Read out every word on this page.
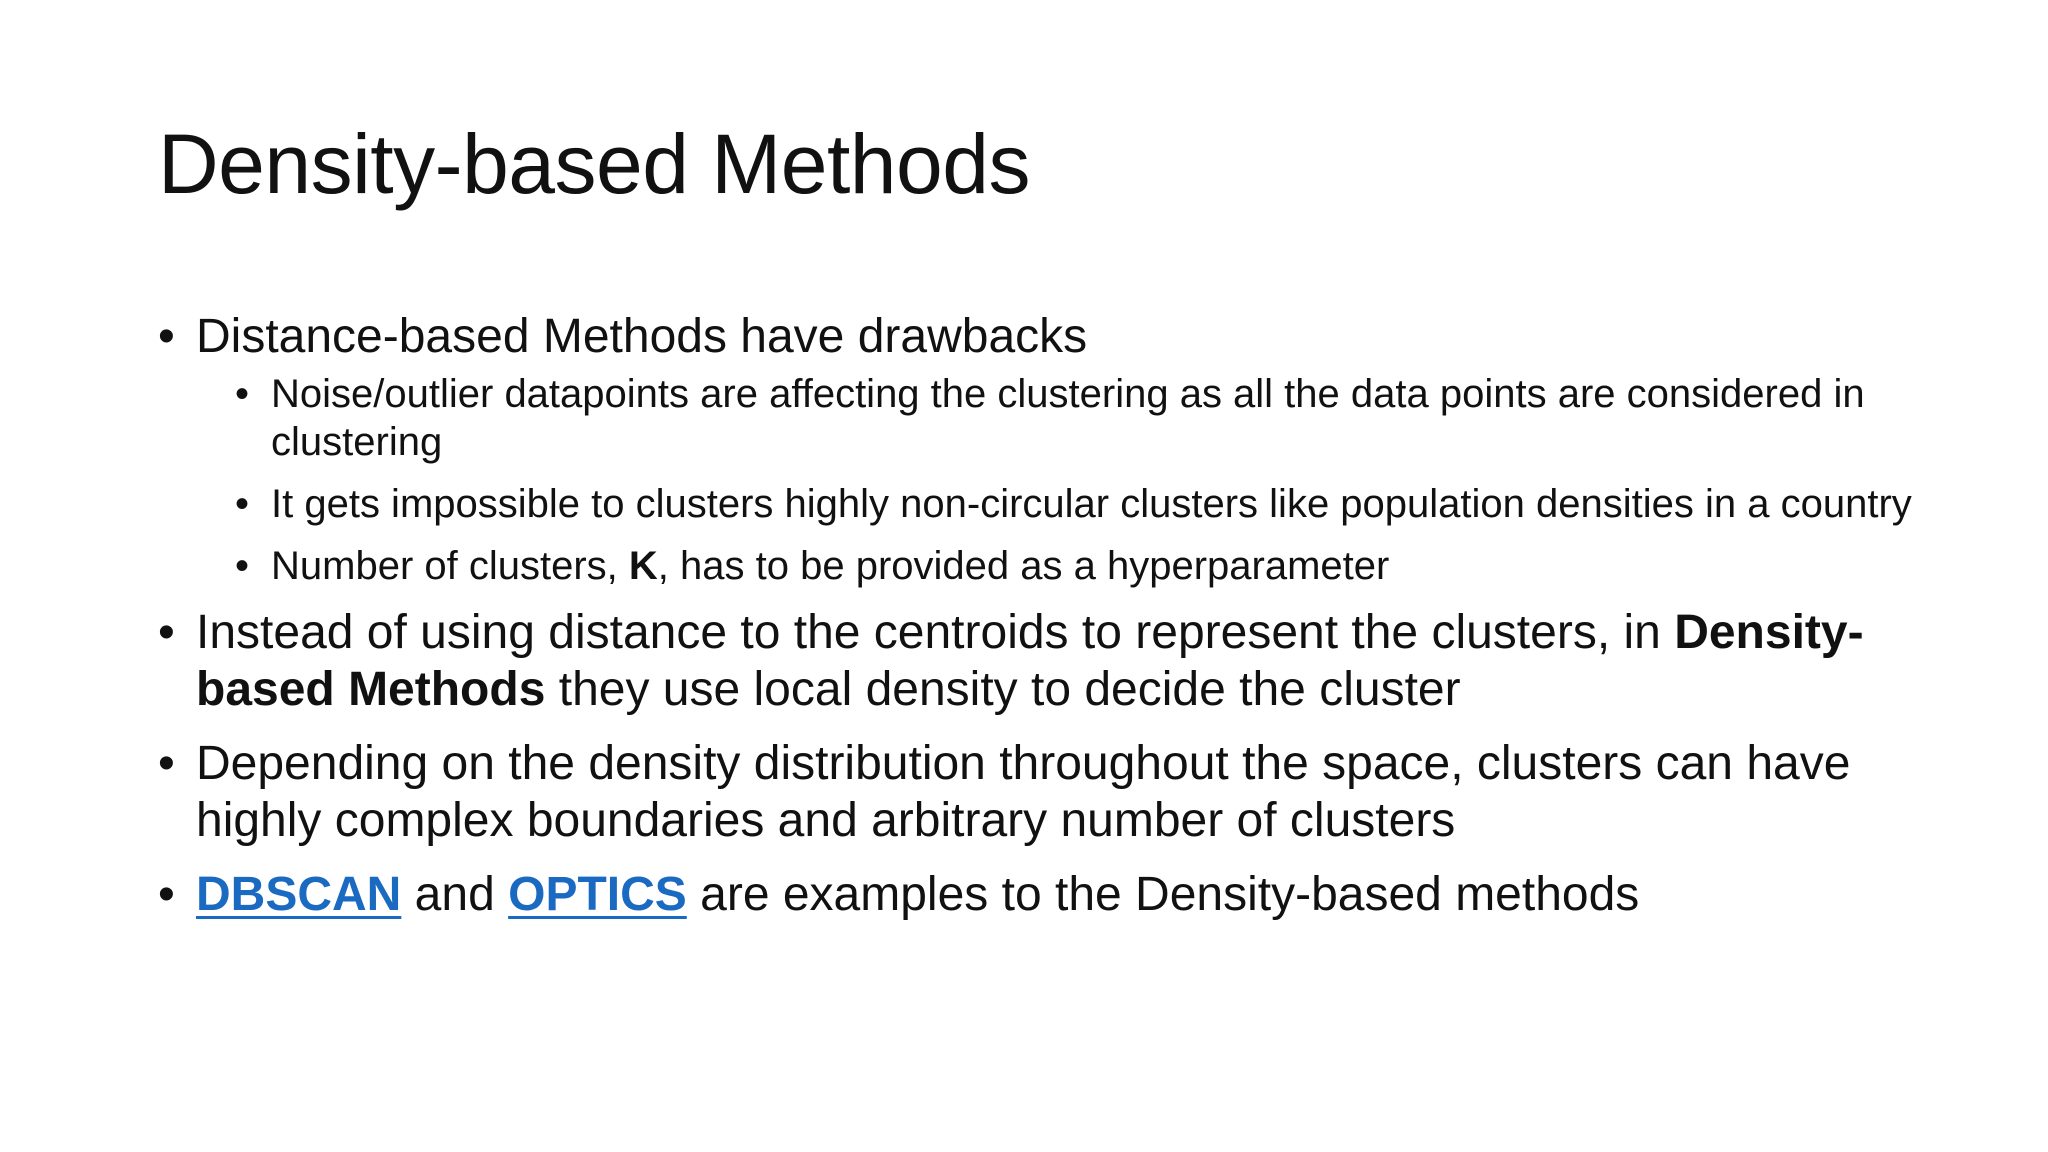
Density-based Methods
• Distance-based Methods have drawbacks
• Noise/outlier datapoints are affecting the clustering as all the data points are considered in clustering
• It gets impossible to clusters highly non-circular clusters like population densities in a country
• Number of clusters, K, has to be provided as a hyperparameter
• Instead of using distance to the centroids to represent the clusters, in Density-based Methods they use local density to decide the cluster
• Depending on the density distribution throughout the space, clusters can have highly complex boundaries and arbitrary number of clusters
• DBSCAN and OPTICS are examples to the Density-based methods
